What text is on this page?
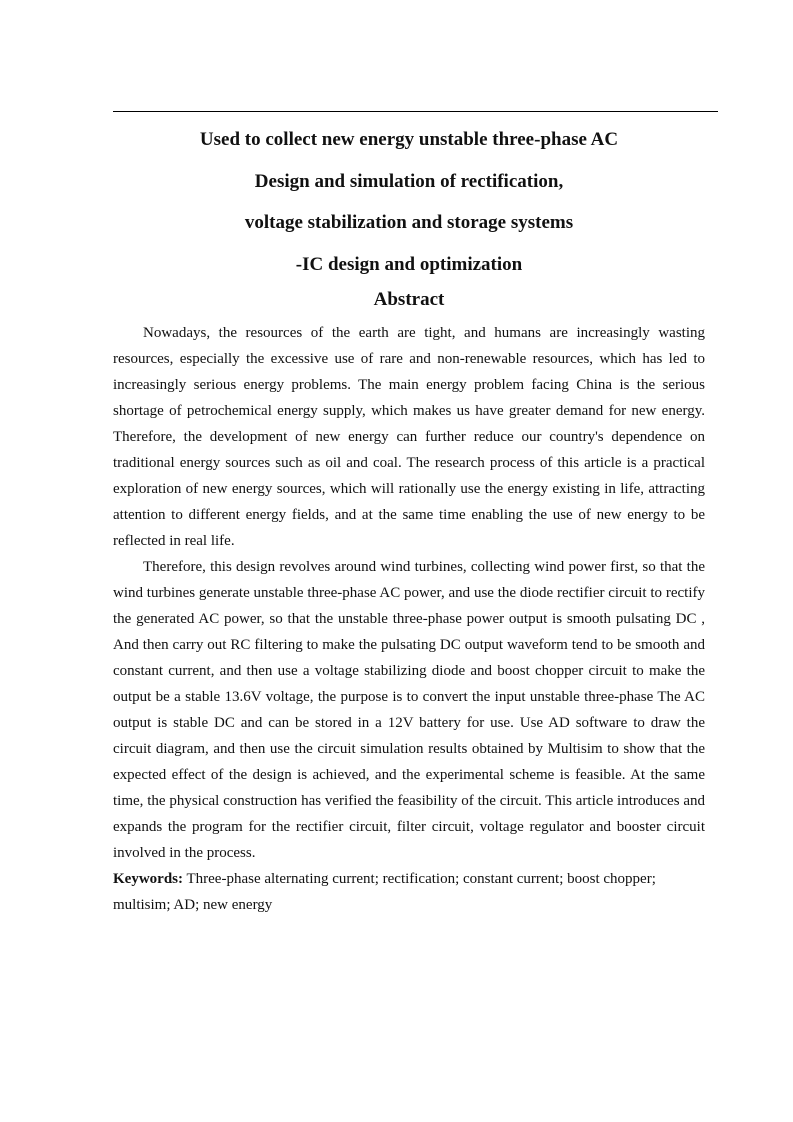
Used to collect new energy unstable three-phase AC

Design and simulation of rectification,

voltage stabilization and storage systems

-IC design and optimization

Abstract

Nowadays, the resources of the earth are tight, and humans are increasingly wasting resources, especially the excessive use of rare and non-renewable resources, which has led to increasingly serious energy problems. The main energy problem facing China is the serious shortage of petrochemical energy supply, which makes us have greater demand for new energy. Therefore, the development of new energy can further reduce our country's dependence on traditional energy sources such as oil and coal. The research process of this article is a practical exploration of new energy sources, which will rationally use the energy existing in life, attracting attention to different energy fields, and at the same time enabling the use of new energy to be reflected in real life.

Therefore, this design revolves around wind turbines, collecting wind power first, so that the wind turbines generate unstable three-phase AC power, and use the diode rectifier circuit to rectify the generated AC power, so that the unstable three-phase power output is smooth pulsating DC , And then carry out RC filtering to make the pulsating DC output waveform tend to be smooth and constant current, and then use a voltage stabilizing diode and boost chopper circuit to make the output be a stable 13.6V voltage, the purpose is to convert the input unstable three-phase The AC output is stable DC and can be stored in a 12V battery for use. Use AD software to draw the circuit diagram, and then use the circuit simulation results obtained by Multisim to show that the expected effect of the design is achieved, and the experimental scheme is feasible. At the same time, the physical construction has verified the feasibility of the circuit. This article introduces and expands the program for the rectifier circuit, filter circuit, voltage regulator and booster circuit involved in the process.

Keywords: Three-phase alternating current; rectification; constant current; boost chopper; multisim; AD; new energy
